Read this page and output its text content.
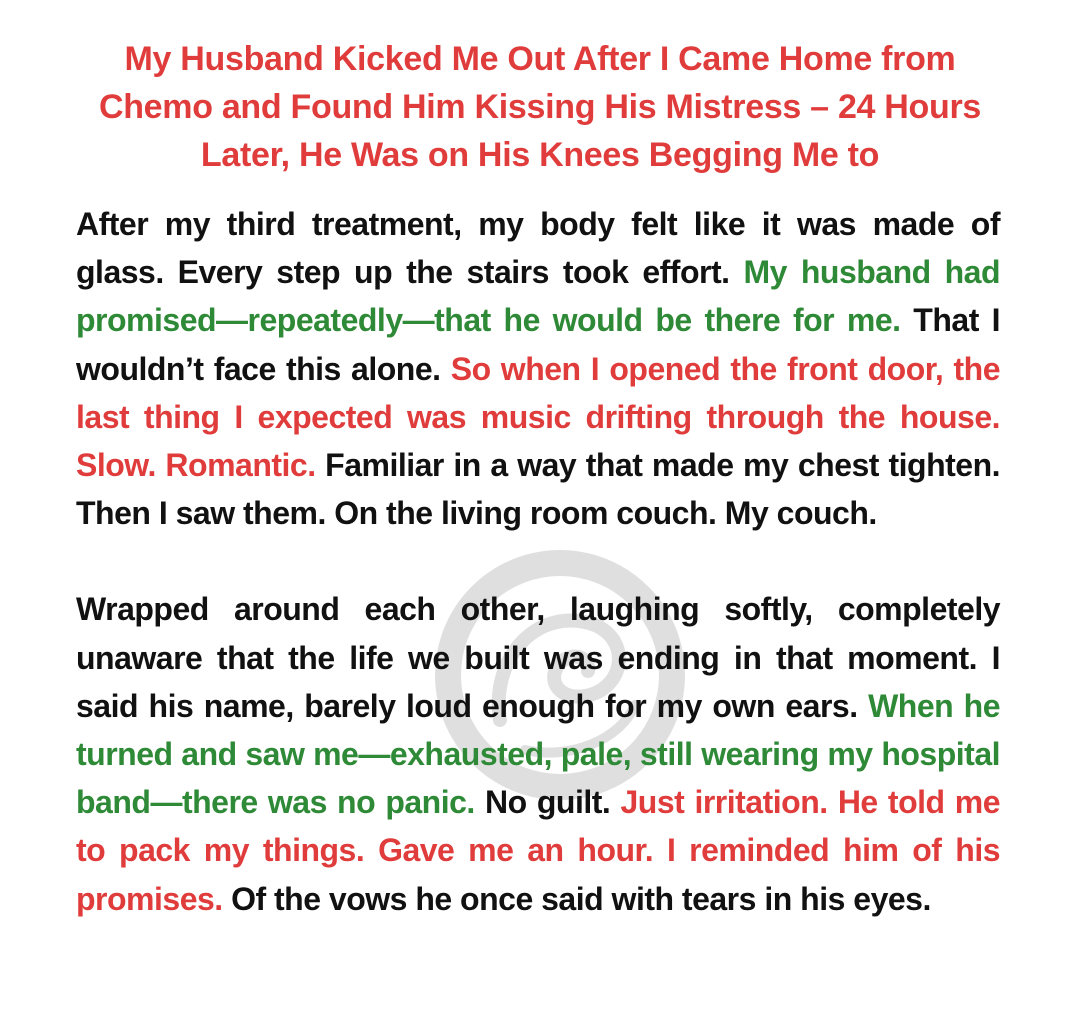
My Husband Kicked Me Out After I Came Home from Chemo and Found Him Kissing His Mistress – 24 Hours Later, He Was on His Knees Begging Me to

After my third treatment, my body felt like it was made of glass. Every step up the stairs took effort. My husband had promised—repeatedly—that he would be there for me. That I wouldn’t face this alone. So when I opened the front door, the last thing I expected was music drifting through the house. Slow. Romantic. Familiar in a way that made my chest tighten. Then I saw them. On the living room couch. My couch.

Wrapped around each other, laughing softly, completely unaware that the life we built was ending in that moment. I said his name, barely loud enough for my own ears. When he turned and saw me—exhausted, pale, still wearing my hospital band—there was no panic. No guilt. Just irritation. He told me to pack my things. Gave me an hour. I reminded him of his promises. Of the vows he once said with tears in his eyes.
